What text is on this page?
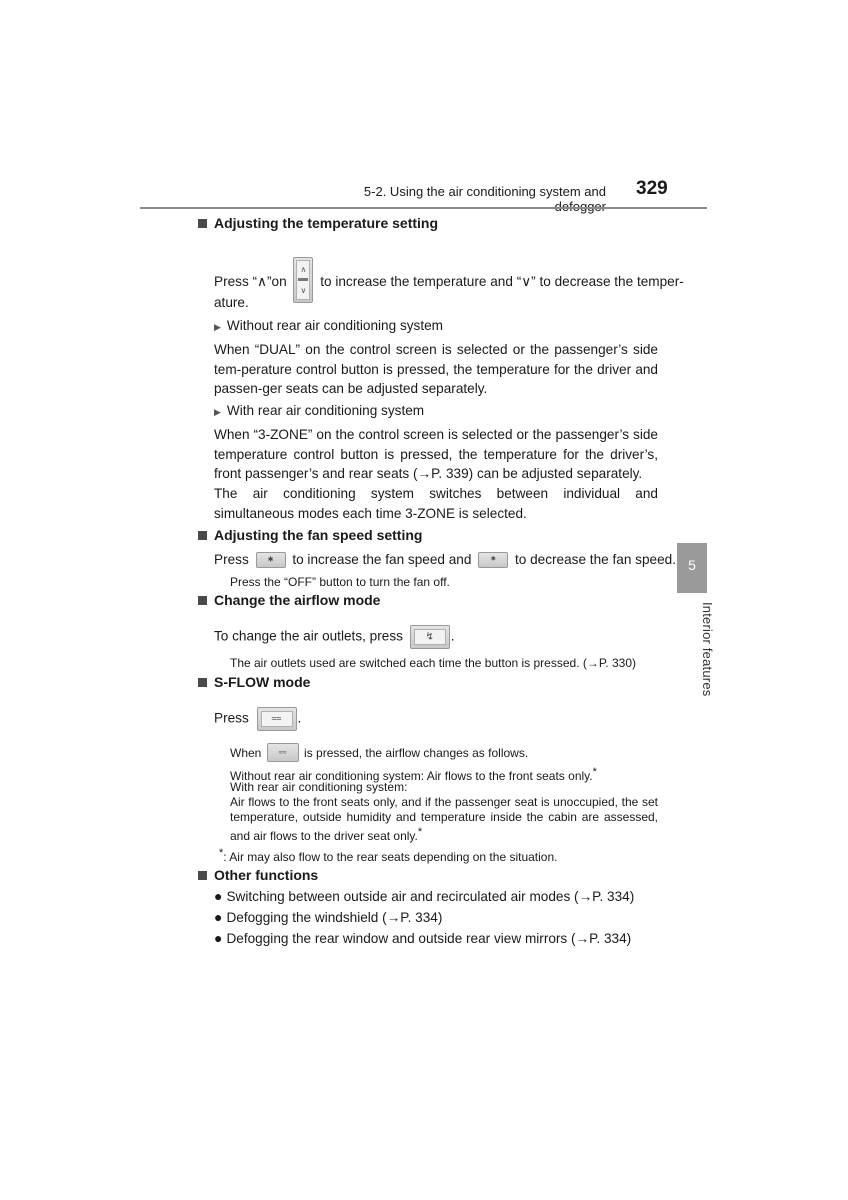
5-2. Using the air conditioning system and 329
5
Interior features
Adjusting the temperature setting
Press “∧”on
∧
∨
to increase the temperature and “∨” to decrease the temper-
ature.
▶ Without rear air conditioning system
When “DUAL” on the control screen is selected or the passenger’s side tem-perature control button is pressed, the temperature for the driver and passen-ger seats can be adjusted separately.
▶ With rear air conditioning system
When “3-ZONE” on the control screen is selected or the passenger’s side temperature control button is pressed, the temperature for the driver’s, front passenger’s and rear seats (→P. 339) can be adjusted separately.
The air conditioning system switches between individual and simultaneous modes each time 3-ZONE is selected.
Adjusting the fan speed setting
Press	✱	to increase the fan speed and	✱	to decrease the fan speed.
Press the “OFF” button to turn the fan off.
Change the airflow mode
To change the air outlets, press	↯	.
The air outlets used are switched each time the button is pressed. (→P. 330)
S-FLOW mode
Press	≈≈	.
When	≈≈	is pressed, the airflow changes as follows.
Without rear air conditioning system: Air flows to the front seats only.*
With rear air conditioning system:
Air flows to the front seats only, and if the passenger seat is unoccupied, the set temperature, outside humidity and temperature inside the cabin are assessed, and air flows to the driver seat only.*
*: Air may also flow to the rear seats depending on the situation.
Other functions
● Switching between outside air and recirculated air modes (→P. 334)
● Defogging the windshield (→P. 334)
● Defogging the rear window and outside rear view mirrors (→P. 334)
